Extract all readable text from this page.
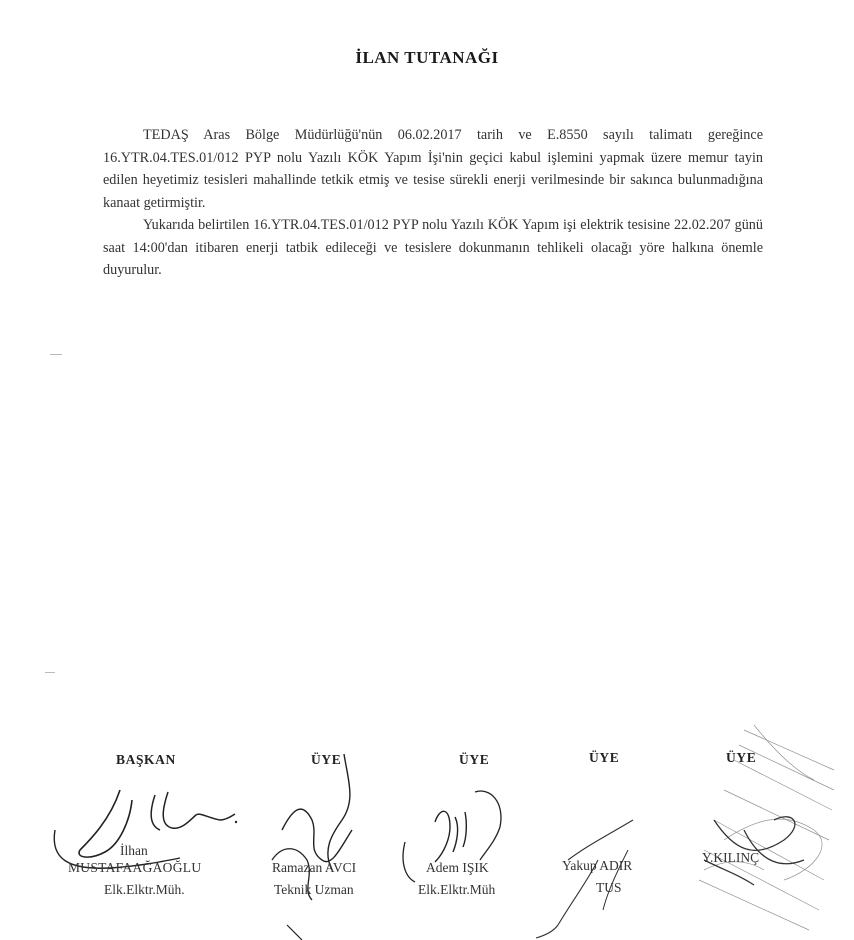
İLAN TUTANAĞI

TEDAŞ Aras Bölge Müdürlüğü'nün 06.02.2017 tarih ve E.8550 sayılı talimatı gereğince 16.YTR.04.TES.01/012 PYP nolu Yazılı KÖK Yapım İşi'nin geçici kabul işlemini yapmak üzere memur tayin edilen heyetimiz tesisleri mahallinde tetkik etmiş ve tesise sürekli enerji verilmesinde bir sakınca bulunmadığına kanaat getirmiştir.

Yukarıda belirtilen 16.YTR.04.TES.01/012 PYP nolu Yazılı KÖK Yapım işi elektrik tesisine 22.02.207 günü saat 14:00'dan itibaren enerji tatbik edileceği ve tesislere dokunmanın tehlikeli olacağı yöre halkına önemle duyurulur.

BAŞKAN
İlhan
MUSTAFAAĞAOĞLU
Elk.Elktr.Müh.
ÜYE
Ramazan AVCI
Teknik Uzman
ÜYE
Adem IŞIK
Elk.Elktr.Müh
ÜYE
Yakup ADIR
TUS
ÜYE
Y.KILINÇ
